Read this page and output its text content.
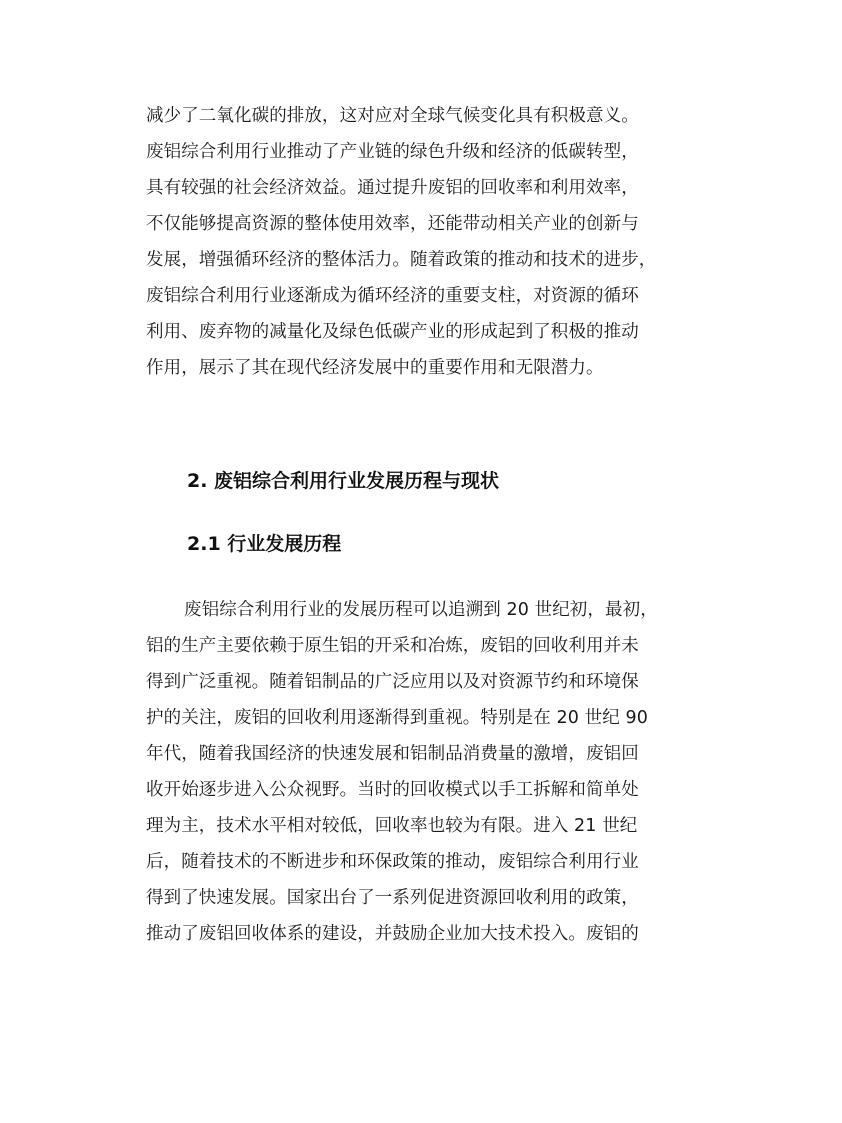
减少了二氧化碳的排放，这对应对全球气候变化具有积极意义。
废铝综合利用行业推动了产业链的绿色升级和经济的低碳转型，
具有较强的社会经济效益。通过提升废铝的回收率和利用效率，
不仅能够提高资源的整体使用效率，还能带动相关产业的创新与
发展，增强循环经济的整体活力。随着政策的推动和技术的进步，
废铝综合利用行业逐渐成为循环经济的重要支柱，对资源的循环
利用、废弃物的减量化及绿色低碳产业的形成起到了积极的推动
作用，展示了其在现代经济发展中的重要作用和无限潜力。
2. 废铝综合利用行业发展历程与现状
2.1 行业发展历程
废铝综合利用行业的发展历程可以追溯到 20 世纪初，最初，
铝的生产主要依赖于原生铝的开采和冶炼，废铝的回收利用并未
得到广泛重视。随着铝制品的广泛应用以及对资源节约和环境保
护的关注，废铝的回收利用逐渐得到重视。特别是在 20 世纪 90
年代，随着我国经济的快速发展和铝制品消费量的激增，废铝回
收开始逐步进入公众视野。当时的回收模式以手工拆解和简单处
理为主，技术水平相对较低，回收率也较为有限。进入 21 世纪
后，随着技术的不断进步和环保政策的推动，废铝综合利用行业
得到了快速发展。国家出台了一系列促进资源回收利用的政策，
推动了废铝回收体系的建设，并鼓励企业加大技术投入。废铝的
